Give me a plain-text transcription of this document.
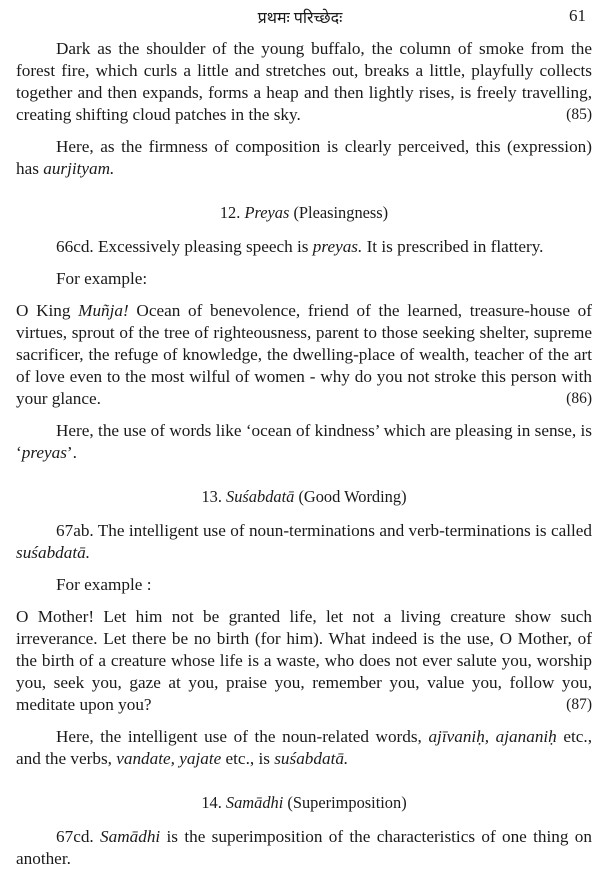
प्रथमः परिच्छेदः	61

Dark as the shoulder of the young buffalo, the column of smoke from the forest fire, which curls a little and stretches out, breaks a little, playfully collects together and then expands, forms a heap and then lightly rises, is freely travelling, creating shifting cloud patches in the sky.	(85)

Here, as the firmness of composition is clearly perceived, this (expression) has aurjityam.

12. Preyas (Pleasingness)

66cd. Excessively pleasing speech is preyas. It is prescribed in flattery.

For example:

O King Muñja! Ocean of benevolence, friend of the learned, treasure-house of virtues, sprout of the tree of righteousness, parent to those seeking shelter, supreme sacrificer, the refuge of knowledge, the dwelling-place of wealth, teacher of the art of love even to the most wilful of women - why do you not stroke this person with your glance.	(86)

Here, the use of words like ‘ocean of kindness’ which are pleasing in sense, is ‘preyas’.

13. Suśabdatā (Good Wording)

67ab. The intelligent use of noun-terminations and verb-terminations is called suśabdatā.

For example :

O Mother! Let him not be granted life, let not a living creature show such irreverance. Let there be no birth (for him). What indeed is the use, O Mother, of the birth of a creature whose life is a waste, who does not ever salute you, worship you, seek you, gaze at you, praise you, remember you, value you, follow you, meditate upon you?	(87)

Here, the intelligent use of the noun-related words, ajīvaniḥ, ajananiḥ etc., and the verbs, vandate, yajate etc., is suśabdatā.

14. Samādhi (Superimposition)

67cd. Samādhi is the superimposition of the characteristics of one thing on another.
